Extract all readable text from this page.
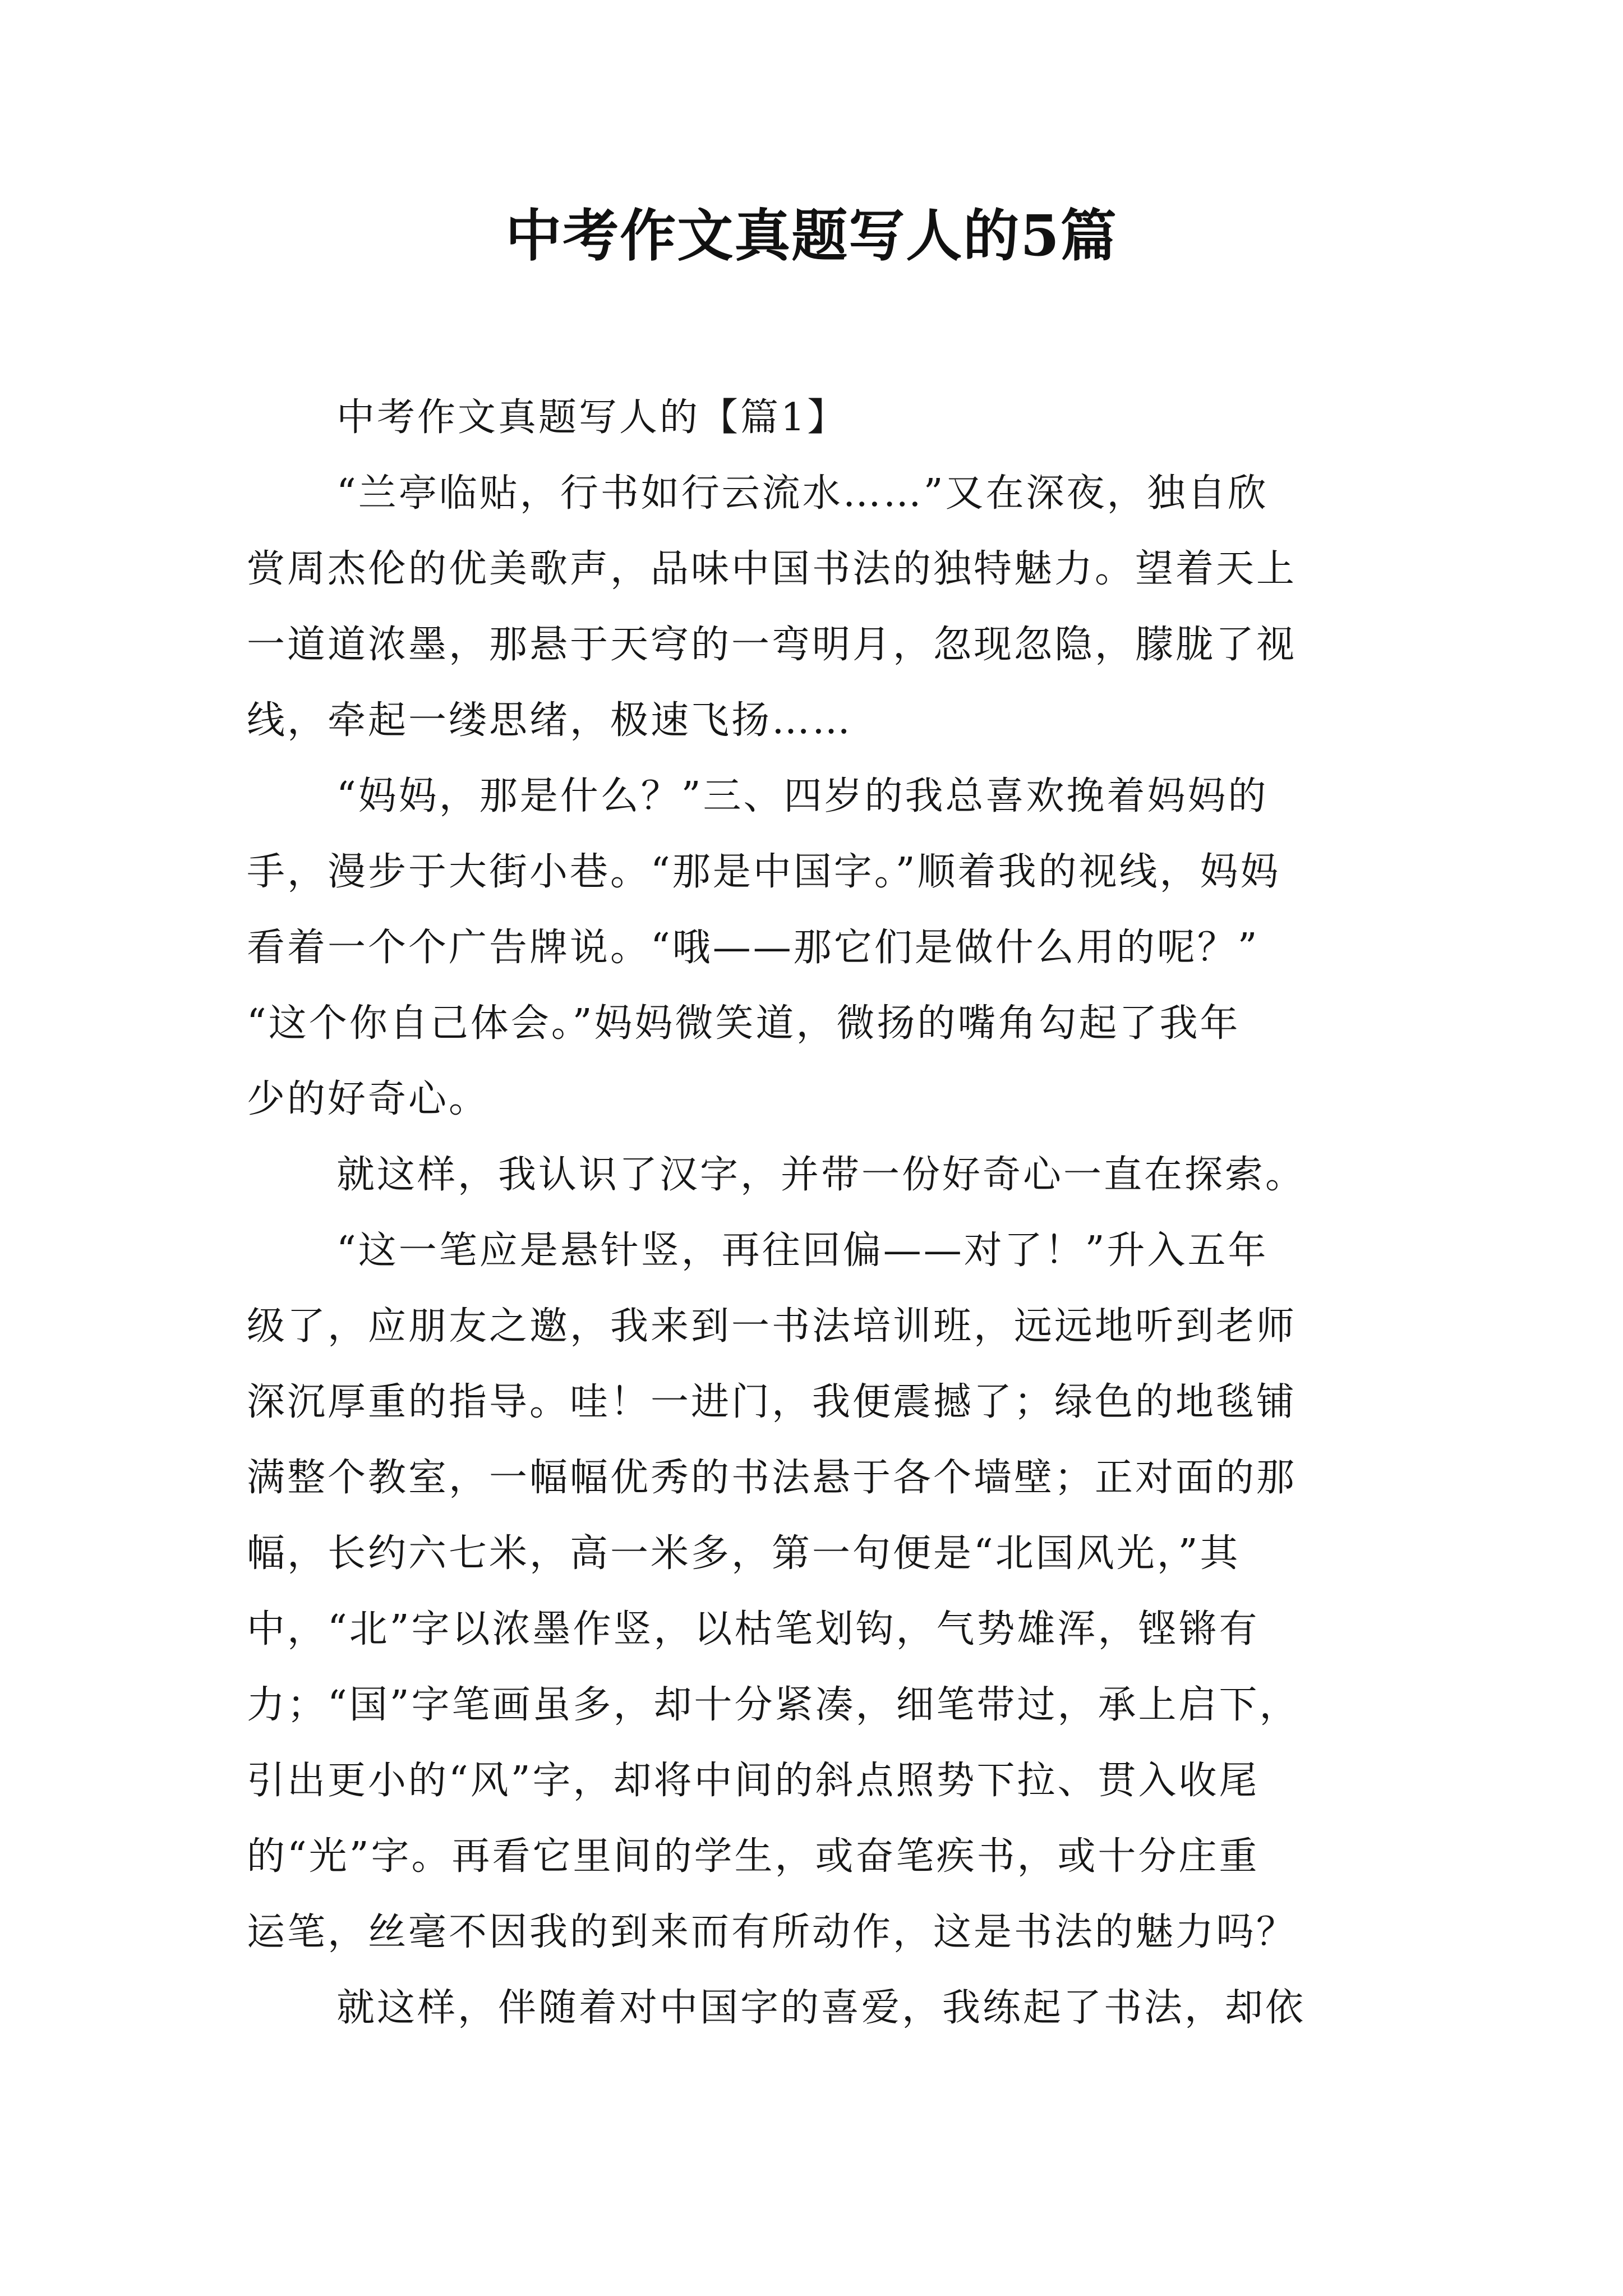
中考作文真题写人的5篇
中考作文真题写人的【篇1】
“兰亭临贴，行书如行云流水……”又在深夜，独自欣
赏周杰伦的优美歌声，品味中国书法的独特魅力。望着天上
一道道浓墨，那悬于天穹的一弯明月，忽现忽隐，朦胧了视
线，牵起一缕思绪，极速飞扬……
“妈妈，那是什么？”三、四岁的我总喜欢挽着妈妈的
手，漫步于大街小巷。“那是中国字。”顺着我的视线，妈妈
看着一个个广告牌说。“哦——那它们是做什么用的呢？”
“这个你自己体会。”妈妈微笑道，微扬的嘴角勾起了我年
少的好奇心。
就这样，我认识了汉字，并带一份好奇心一直在探索。
“这一笔应是悬针竖，再往回偏——对了！”升入五年
级了，应朋友之邀，我来到一书法培训班，远远地听到老师
深沉厚重的指导。哇！一进门，我便震撼了；绿色的地毯铺
满整个教室，一幅幅优秀的书法悬于各个墙壁；正对面的那
幅，长约六七米，高一米多，第一句便是“北国风光，”其
中，“北”字以浓墨作竖，以枯笔划钩，气势雄浑，铿锵有
力；“国”字笔画虽多，却十分紧凑，细笔带过，承上启下，
引出更小的“风”字，却将中间的斜点照势下拉、贯入收尾
的“光”字。再看它里间的学生，或奋笔疾书，或十分庄重
运笔，丝毫不因我的到来而有所动作，这是书法的魅力吗？
就这样，伴随着对中国字的喜爱，我练起了书法，却依
